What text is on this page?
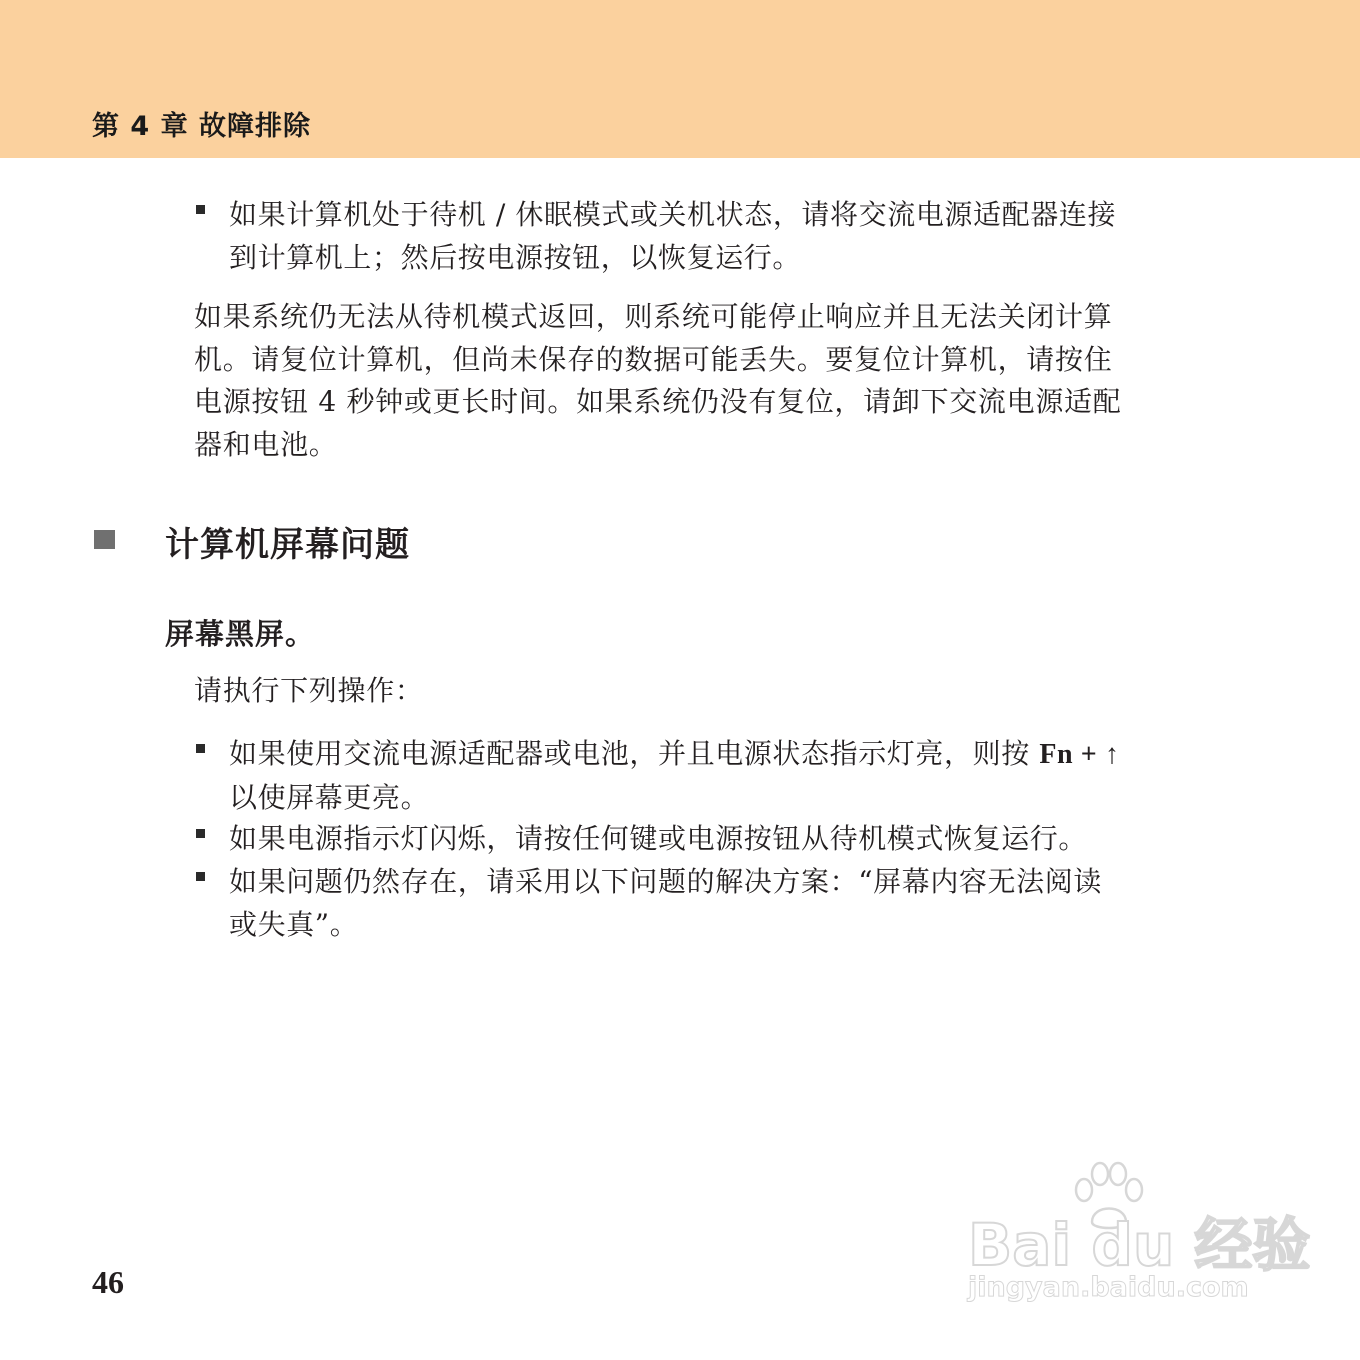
第 4 章 故障排除
如果计算机处于待机 / 休眠模式或关机状态，请将交流电源适配器连接
到计算机上；然后按电源按钮，以恢复运行。
如果系统仍无法从待机模式返回，则系统可能停止响应并且无法关闭计算
机。请复位计算机，但尚未保存的数据可能丢失。要复位计算机，请按住
电源按钮 4 秒钟或更长时间。如果系统仍没有复位，请卸下交流电源适配
器和电池。
计算机屏幕问题
屏幕黑屏。
请执行下列操作：
如果使用交流电源适配器或电池，并且电源状态指示灯亮，则按 Fn + ↑
以使屏幕更亮。
如果电源指示灯闪烁，请按任何键或电源按钮从待机模式恢复运行。
如果问题仍然存在，请采用以下问题的解决方案：“屏幕内容无法阅读
或失真”。
Bai du 经验
jingyan.baidu.com
46
